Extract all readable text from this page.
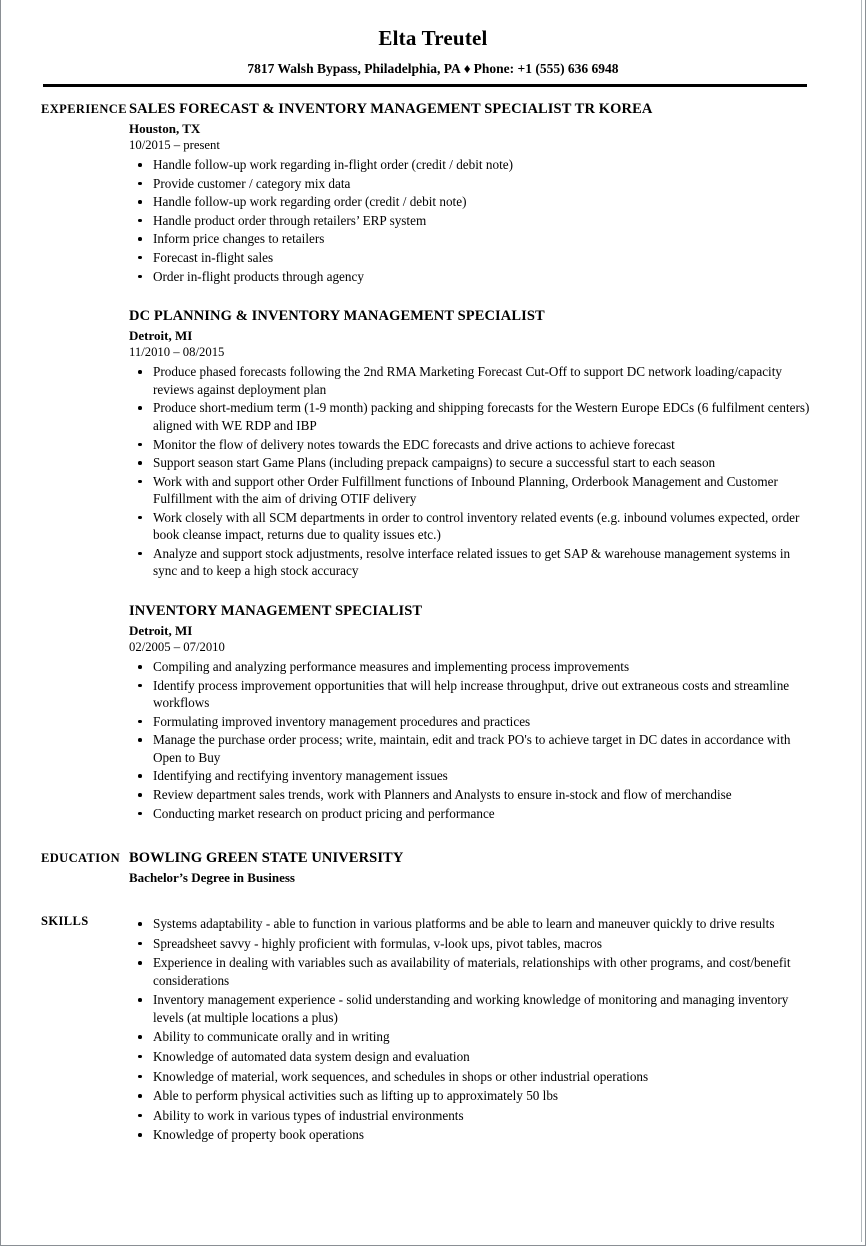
Elta Treutel
7817 Walsh Bypass, Philadelphia, PA ♦ Phone: +1 (555) 636 6948
EXPERIENCE SALES FORECAST & INVENTORY MANAGEMENT SPECIALIST TR KOREA
Houston, TX
10/2015 – present
Handle follow-up work regarding in-flight order (credit / debit note)
Provide customer / category mix data
Handle follow-up work regarding order (credit / debit note)
Handle product order through retailers’ ERP system
Inform price changes to retailers
Forecast in-flight sales
Order in-flight products through agency
DC PLANNING & INVENTORY MANAGEMENT SPECIALIST
Detroit, MI
11/2010 – 08/2015
Produce phased forecasts following the 2nd RMA Marketing Forecast Cut-Off to support DC network loading/capacity reviews against deployment plan
Produce short-medium term (1-9 month) packing and shipping forecasts for the Western Europe EDCs (6 fulfilment centers) aligned with WE RDP and IBP
Monitor the flow of delivery notes towards the EDC forecasts and drive actions to achieve forecast
Support season start Game Plans (including prepack campaigns) to secure a successful start to each season
Work with and support other Order Fulfillment functions of Inbound Planning, Orderbook Management and Customer Fulfillment with the aim of driving OTIF delivery
Work closely with all SCM departments in order to control inventory related events (e.g. inbound volumes expected, order book cleanse impact, returns due to quality issues etc.)
Analyze and support stock adjustments, resolve interface related issues to get SAP & warehouse management systems in sync and to keep a high stock accuracy
INVENTORY MANAGEMENT SPECIALIST
Detroit, MI
02/2005 – 07/2010
Compiling and analyzing performance measures and implementing process improvements
Identify process improvement opportunities that will help increase throughput, drive out extraneous costs and streamline workflows
Formulating improved inventory management procedures and practices
Manage the purchase order process; write, maintain, edit and track PO's to achieve target in DC dates in accordance with Open to Buy
Identifying and rectifying inventory management issues
Review department sales trends, work with Planners and Analysts to ensure in-stock and flow of merchandise
Conducting market research on product pricing and performance
EDUCATION BOWLING GREEN STATE UNIVERSITY
Bachelor’s Degree in Business
SKILLS	Systems adaptability - able to function in various platforms and be able to learn and maneuver quickly to drive results
Spreadsheet savvy - highly proficient with formulas, v-look ups, pivot tables, macros
Experience in dealing with variables such as availability of materials, relationships with other programs, and cost/benefit considerations
Inventory management experience - solid understanding and working knowledge of monitoring and managing inventory levels (at multiple locations a plus)
Ability to communicate orally and in writing
Knowledge of automated data system design and evaluation
Knowledge of material, work sequences, and schedules in shops or other industrial operations
Able to perform physical activities such as lifting up to approximately 50 lbs
Ability to work in various types of industrial environments
Knowledge of property book operations
